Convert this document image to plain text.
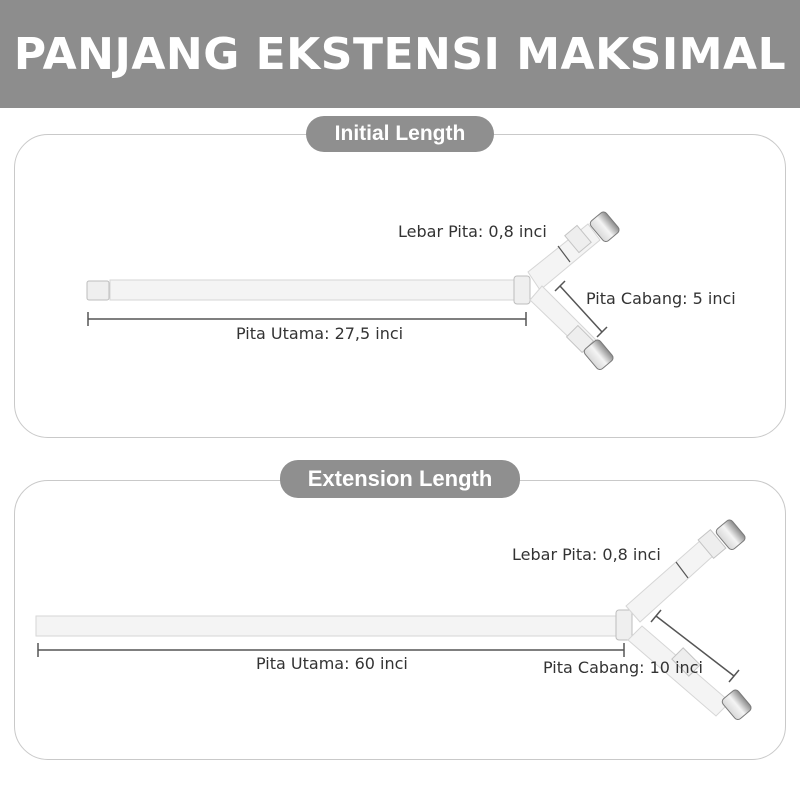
PANJANG EKSTENSI MAKSIMAL
Initial Length
Extension Length
Lebar Pita: 0,8 inci
Pita Cabang: 5 inci
Pita Utama: 27,5 inci
Lebar Pita: 0,8 inci
Pita Utama: 60 inci	Pita Cabang: 10 inci
